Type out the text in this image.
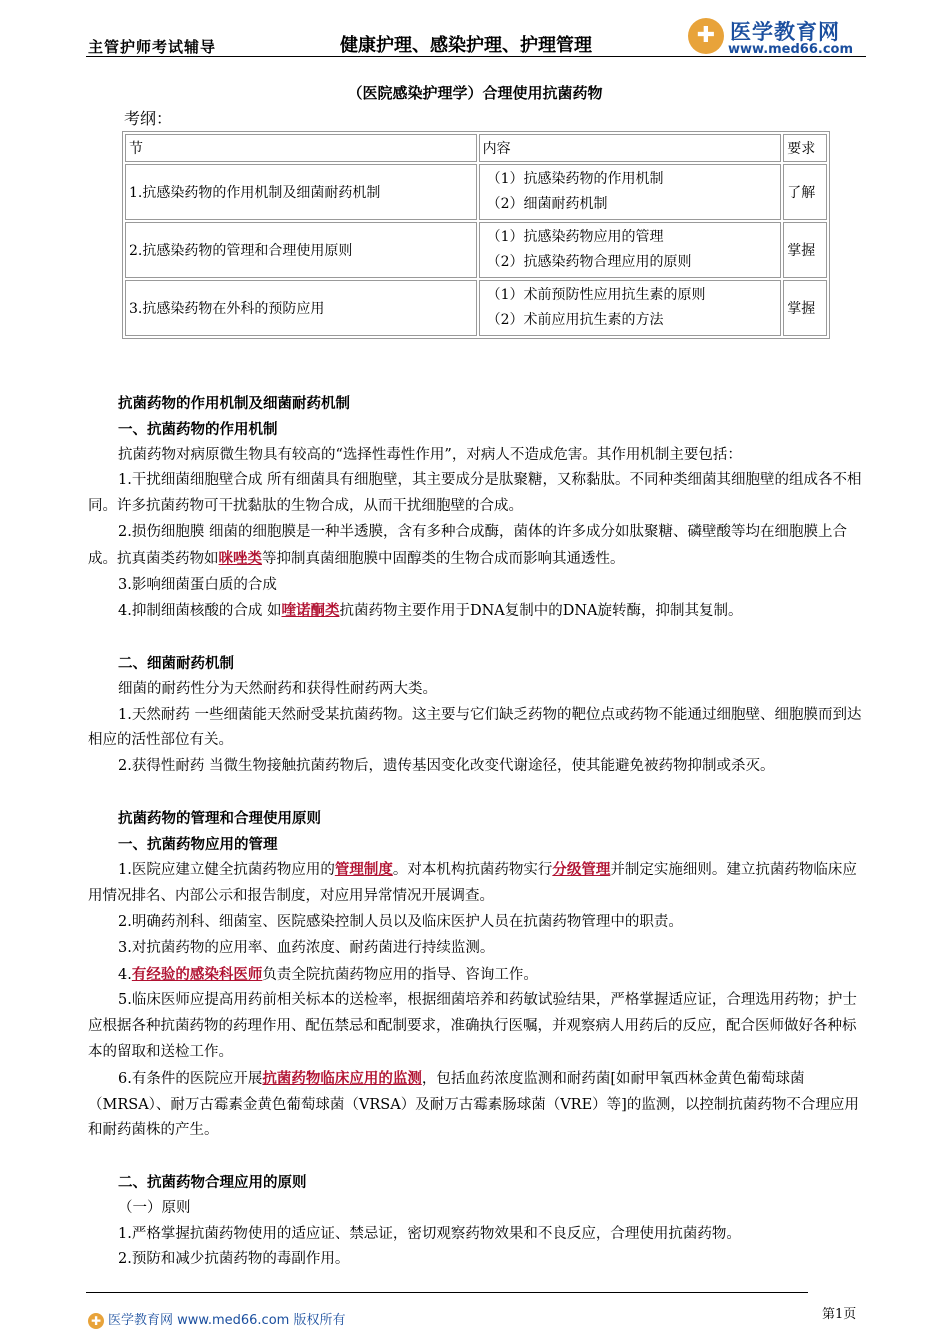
主管护师考试辅导	健康护理、感染护理、护理管理	✚ 医学教育网
www.med66.com
（医院感染护理学）合理使用抗菌药物
考纲：
节	内容	要求
1.抗感染药物的作用机制及细菌耐药机制	（1）抗感染药物的作用机制
（2）细菌耐药机制	了解
2.抗感染药物的管理和合理使用原则	（1）抗感染药物应用的管理
（2）抗感染药物合理应用的原则	掌握
3.抗感染药物在外科的预防应用	（1）术前预防性应用抗生素的原则
（2）术前应用抗生素的方法	掌握

抗菌药物的作用机制及细菌耐药机制

一、抗菌药物的作用机制

抗菌药物对病原微生物具有较高的“选择性毒性作用”，对病人不造成危害。其作用机制主要包括：

1.干扰细菌细胞壁合成 所有细菌具有细胞壁，其主要成分是肽聚糖，又称黏肽。不同种类细菌其细胞壁的组成各不相同。许多抗菌药物可干扰黏肽的生物合成，从而干扰细胞壁的合成。

2.损伤细胞膜 细菌的细胞膜是一种半透膜，含有多种合成酶，菌体的许多成分如肽聚糖、磷壁酸等均在细胞膜上合成。抗真菌类药物如咪唑类等抑制真菌细胞膜中固醇类的生物合成而影响其通透性。

3.影响细菌蛋白质的合成

4.抑制细菌核酸的合成 如喹诺酮类抗菌药物主要作用于DNA复制中的DNA旋转酶，抑制其复制。

二、细菌耐药机制

细菌的耐药性分为天然耐药和获得性耐药两大类。

1.天然耐药 一些细菌能天然耐受某抗菌药物。这主要与它们缺乏药物的靶位点或药物不能通过细胞壁、细胞膜而到达相应的活性部位有关。

2.获得性耐药 当微生物接触抗菌药物后，遗传基因变化改变代谢途径，使其能避免被药物抑制或杀灭。

抗菌药物的管理和合理使用原则

一、抗菌药物应用的管理

1.医院应建立健全抗菌药物应用的管理制度。对本机构抗菌药物实行分级管理并制定实施细则。建立抗菌药物临床应用情况排名、内部公示和报告制度，对应用异常情况开展调查。

2.明确药剂科、细菌室、医院感染控制人员以及临床医护人员在抗菌药物管理中的职责。

3.对抗菌药物的应用率、血药浓度、耐药菌进行持续监测。

4.有经验的感染科医师负责全院抗菌药物应用的指导、咨询工作。

5.临床医师应提高用药前相关标本的送检率，根据细菌培养和药敏试验结果，严格掌握适应证，合理选用药物；护士应根据各种抗菌药物的药理作用、配伍禁忌和配制要求，准确执行医嘱，并观察病人用药后的反应，配合医师做好各种标本的留取和送检工作。

6.有条件的医院应开展抗菌药物临床应用的监测，包括血药浓度监测和耐药菌[如耐甲氧西林金黄色葡萄球菌（MRSA）、耐万古霉素金黄色葡萄球菌（VRSA）及耐万古霉素肠球菌（VRE）等]的监测，以控制抗菌药物不合理应用和耐药菌株的产生。

二、抗菌药物合理应用的原则

（一）原则

1.严格掌握抗菌药物使用的适应证、禁忌证，密切观察药物效果和不良反应，合理使用抗菌药物。

2.预防和减少抗菌药物的毒副作用。

✚ 医学教育网 www.med66.com 版权所有	第1页
